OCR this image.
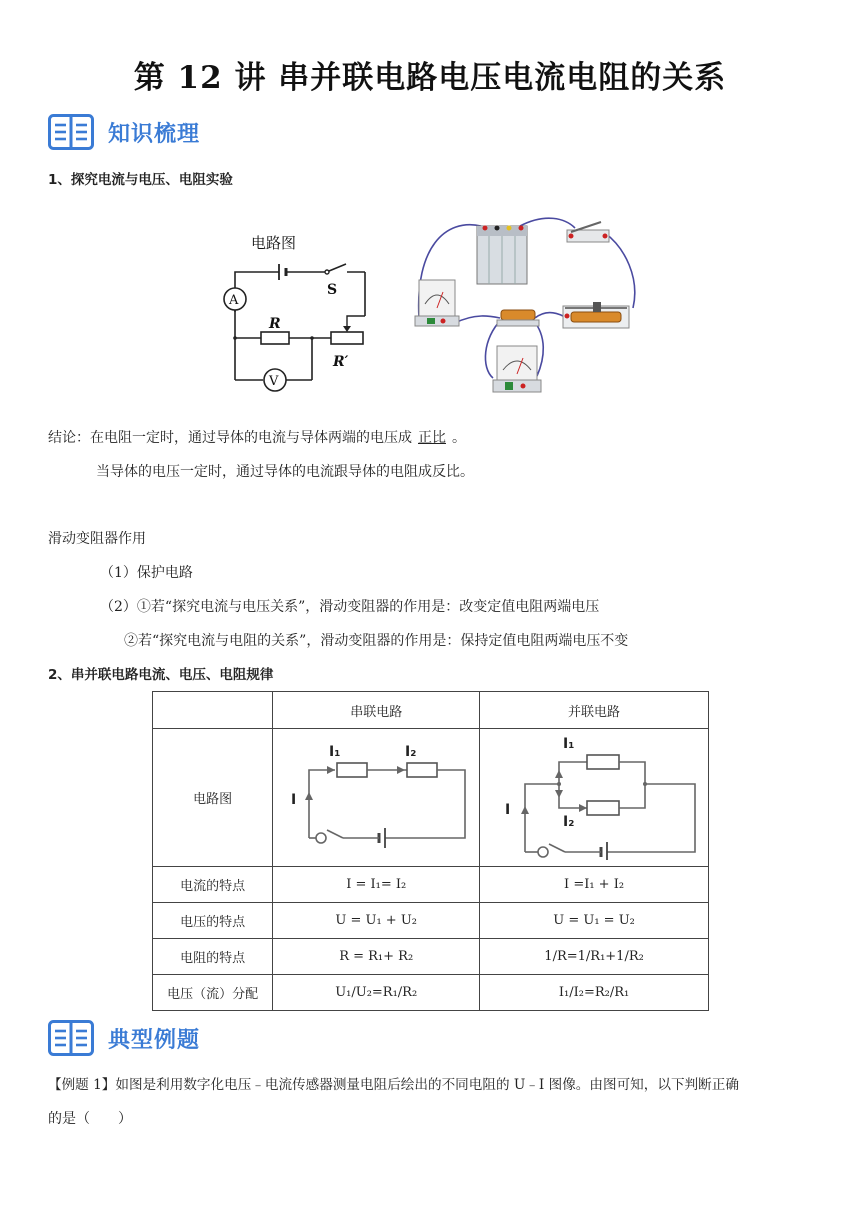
第 12 讲 串并联电路电压电流电阻的关系
知识梳理
1、探究电流与电压、电阻实验
电路图
S
A
R
R′
V
结论：在电阻一定时，通过导体的电流与导体两端的电压成 正比 。
当导体的电压一定时，通过导体的电流跟导体的电阻成反比。
滑动变阻器作用
（1）保护电路
（2）①若“探究电流与电压关系”，滑动变阻器的作用是：改变定值电阻两端电压
②若“探究电流与电阻的关系”，滑动变阻器的作用是：保持定值电阻两端电压不变
2、串并联电路电流、电压、电阻规律
	串联电路	并联电路
电路图	I₁ I₂
I	I₁
I₂
I

电流的特点	I = I₁= I₂	I =I₁ + I₂
电压的特点	U = U₁ + U₂	U = U₁ = U₂
电阻的特点	R = R₁+ R₂	1/R=1/R₁+1/R₂
电压（流）分配	U₁/U₂=R₁/R₂	I₁/I₂=R₂/R₁
典型例题
【例题 1】如图是利用数字化电压﹣电流传感器测量电阻后绘出的不同电阻的 U﹣I 图像。由图可知，以下判断正确
的是（　　）
